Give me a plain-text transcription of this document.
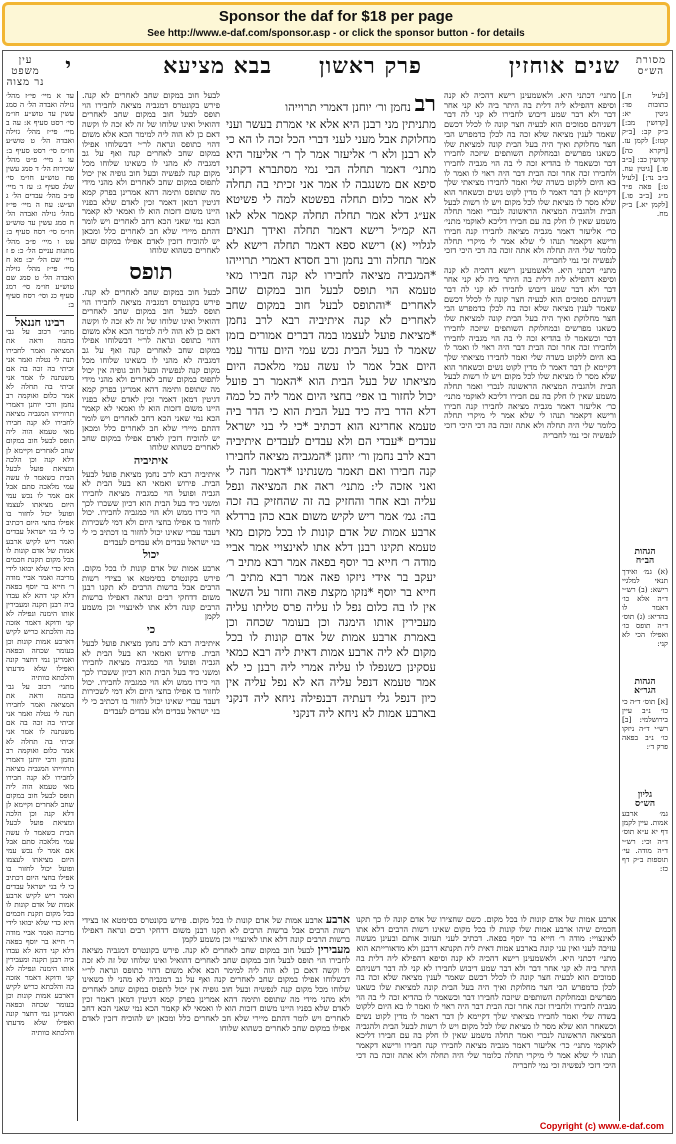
Sponsor the daf for $18 per page
See http://www.e-daf.com/sponsor.asp - or click the sponsor button - for details
מסורת
הש״ס
שנים אוחזין
פרק ראשון
בבא מציעא
י
עין משפט
נר מצוה

[לעיל ח.] כתובות פד: גיטין יא: [קדושין מב:] ב״ק קב: [ב״ק קטז:] לקמן עז. [ויקרא כה] קדושין כב: [ב״ב פו.] [גיטין עח. ב״ב נד:] [לעיל ט:] פאה פ״ד מ״ג [ב״ב פו.] [לקמן יא.] ב״ק מח.

הגהות
הב״ח

(א) גמ׳ ואידך תנאי למלגיי רישא: (ב) רש״י ד״ה אלא כו׳ דאמר לו בהדיא: (ג) תוס׳ ד״ה תופס כו׳ ואפילו הכי לא קני:

הגהות
הגר״א

[א] תוס׳ ד״ה כי כו׳ נ״ב עיין בירושלמי: [ב] רש״י ד״ה ניזקו כו׳ נ״ב בפאה פרק ד׳:

גליון
הש״ס

גמ׳ ארבע אמות. עיין לקמן דף יא ע״א תוס׳ ד״ה וכי: רש״י ד״ה מודה. עי׳ תוספות ב״ק דף כז:

מתני׳ דכתני היא. ולאשמעינן רישא דהכיה לא קנה וסיפא דהפילא ליה דלית בה היתר ביה לא קני אחר דבר ולא דבר שמע דיבוש לחבירו לא קני לה דבר דשניהם סמוכים הוא לבעיה חצר קונה לו לכלל דכשם שאמר לענין מציאה שלא זכה בה לכלן כדמפרש הבי חצר מחלוקת ואיך היה בעל הבית קונה למציאת שלו כשאנו מפרשים ובמחלוקת השותפים שיזכה לחבירו דבר וכשאמר לו בהדיא זכה לי בה הוי מגביה לחבירו ולחבירו זכה אחר זכה הבית דבר היה ראוי לו ואמר לו בא היום ללקוט בשדה שלי ואמר לחבירו מציאתי שלך דקיימא לן דבר דאמר לו מדין לקוט נשים וכשאחר הוא שלא מסר לו מציאת שלו לכל מקום ויש לו רשות לבעל הבית ולהגביה המציאה הראשונה לנכרי ואמר תחלה משמע שאין לו חלק בה עם חבירו דליכא לאוקמי מתני׳ כר׳ אליעזר דאמר מגביה מציאה לחבירו קנה חבירו ורישא דקאמר תנהו לי שלא אמר לי מיקרי תחלה כלומר שלי היה תחלה ולא אתה זוכה בה דכי היכי דזכי לנפשיה זכי נמי לחבריה

מתני׳ דכתני היא. ולאשמעינן רישא דהכיה לא קנה וסיפא דהפילא ליה דלית בה היתר ביה לא קני אחר דבר ולא דבר שמע דיבוש לחבירו לא קני לה דבר דשניהם סמוכים הוא לבעיה חצר קונה לו לכלל דכשם שאמר לענין מציאה שלא זכה בה לכלן כדמפרש הבי חצר מחלוקת ואיך היה בעל הבית קונה למציאת שלו כשאנו מפרשים ובמחלוקת השותפים שיזכה לחבירו דבר וכשאמר לו בהדיא זכה לי בה הוי מגביה לחבירו ולחבירו זכה אחר זכה הבית דבר היה ראוי לו ואמר לו בא היום ללקוט בשדה שלי ואמר לחבירו מציאתי שלך דקיימא לן דבר דאמר לו מדין לקוט נשים וכשאחר הוא שלא מסר לו מציאת שלו לכל מקום ויש לו רשות לבעל הבית ולהגביה המציאה הראשונה לנכרי ואמר תחלה משמע שאין לו חלק בה עם חבירו דליכא לאוקמי מתני׳ כר׳ אליעזר דאמר מגביה מציאה לחבירו קנה חבירו ורישא דקאמר תנהו לי שלא אמר לי מיקרי תחלה כלומר שלי היה תחלה ולא אתה זוכה בה דכי היכי דזכי לנפשיה זכי נמי לחבריה

רב נחמן ור׳ יוחנן דאמרי תרוייהו

מתניתין מני רבנן היא אלא אי אמרת בעשר ועני מחלוקת אבל מעני לעני דברי הכל זכה לו הא כי לא רבנן ולא ר׳ אליעזר אמר לך ר׳ אליעזר היא מתני׳ דאמר תחלה הבי נמי מסתברא דקתני סיפא אם משנגבה לו אמר אני זכיתי בה תחלה לא אמר כלום תחלה בפשטא למה לי פשיטא אע״ג דלא אמר תחלה תחלה קאמר אלא לאו הא קמ״ל רישא דאמר תחלה ואידך תנאים לגלויי (א) רישא ספא דאמר תחלה רישא לא אמר תחלה ורב נחמן ורב חסדא דאמרי תרוייהו *המגביה מציאה לחבירו לא קנה חבירו מאי טעמא הוי תופס לבעל חוב במקום שחב לאחרים *והתופס לבעל חוב במקום שחב לאחרים לא קנה איתיביה רבא לרב נחמן *מציאת פועל לעצמו במה דברים אמורים בזמן שאמר לו בעל הבית נכש עמי היום עדור עמי היום אבל אמר לו עשה עמי מלאכה היום מציאתו של בעל הבית הוא *האמר רב פועל יכול לחזור בו אפי׳ בחצי היום אמר ליה כל כמה דלא הדר ביה כיד בעל הבית הוא כי הדר ביה טעמא אחרינא הוא דכתיב *כי לי בני ישראל עבדים *עבדי הם ולא עבדים לעבדים איתיביה רבא לרב נחמן ור׳ יוחנן *המגביה מציאה לחבירו קנה חבירו ואם תאמר משנתינו *דאמר חנה לי ואני אזכה לי: מתני׳ ראה את המציאה ונפל עליה ובא אחר והחזיק בה זה שהחזיק בה זכה בה: גמ׳ אמר ריש לקיש משום אבא כהן ברדלא ארבע אמות של אדם קונות לו בכל מקום מאי טעמא תקינו רבנן דלא אתו לאינצויי אמר אביי מודה ר׳ חייא בר יוסף בפאה אמר רבא מתיב ר׳ יעקב בר אידי ניזקו פאה אמר רבא מתיב ר׳ חייא בר יוסף *נזקו מקצת פאה וחזר על השאר אין לו בה כלום נפל לו עליה פרס טליתו עליה מעבירין אותו הימנה וכן בעומר שכחה וכן באמרת ארבע אמות של אדם קונות לו בכל מקום לא ליה ארבע אמות דאית ליה רבא כמאי עסקינן כשנפלו לו עליה אמרי ליה רבנן כי לא אמר טעמא דנפל עליה הא לא נפל עליה אין כיון דנפל גלי דעתיה דבנפילה ניחא ליה דנקני בארבע אמות לא ניחא ליה דנקני

לבעל חוב במקום שחב לאחרים לא קנה. פירש בקונטרס דמגביה מציאה לחבירו הוי תופס לבעל חוב במקום שחב לאחרים דהואיל ואינו שלוחו של זה לא זכה לו וקשה דאם כן לא הוה ליה למימר הכא אלא משום דהוי כתופס ונראה לר״י דבשלוחו אפילו במקום שחב לאחרים קנה ואף על גב דמגביה לא מהני לו כשאינו שלוחו מכל מקום קנה לנפשיה ובעל חוב גופיה אין יכול לתפוס במקום שחב לאחרים ולא מהני מידי מה שתופס ותימה דהא אמרינן בפרק קמא דגיטין דמאן דאמר זכין לאדם שלא בפניו היינו משום דזכות הוא לו ואמאי לא קאמר הכא נמי שאני הכא דחב לאחרים ויש לומר דהתם מיירי שלא חב לאחרים כלל ומכאן יש להוכיח דזכין לאדם אפילו במקום שחב לאחרים כשהוא שלוחו

תופס

לבעל חוב במקום שחב לאחרים לא קנה. פירש בקונטרס דמגביה מציאה לחבירו הוי תופס לבעל חוב במקום שחב לאחרים דהואיל ואינו שלוחו של זה לא זכה לו וקשה דאם כן לא הוה ליה למימר הכא אלא משום דהוי כתופס ונראה לר״י דבשלוחו אפילו במקום שחב לאחרים קנה ואף על גב דמגביה לא מהני לו כשאינו שלוחו מכל מקום קנה לנפשיה ובעל חוב גופיה אין יכול לתפוס במקום שחב לאחרים ולא מהני מידי מה שתופס ותימה דהא אמרינן בפרק קמא דגיטין דמאן דאמר זכין לאדם שלא בפניו היינו משום דזכות הוא לו ואמאי לא קאמר הכא נמי שאני הכא דחב לאחרים ויש לומר דהתם מיירי שלא חב לאחרים כלל ומכאן יש להוכיח דזכין לאדם אפילו במקום שחב לאחרים כשהוא שלוחו

איתיביה

איתיביה רבא לרב נחמן מציאת פועל לבעל הבית. פירוש ואמאי הא בעל הבית לא הגביה ופועל הוי כמגביה מציאה לחבירו ומשני כיד בעל הבית הוא דכיון ששכרו לכך הוי כידו ממש ולא הוי כמגביה לחבירו. יכול לחזור בו אפילו בחצי היום ולא דמי לשכירות דעבד עברי שאינו יכול לחזור בו דכתיב כי לי בני ישראל עבדים ולא עבדים לעבדים

יכול

ארבע אמות של אדם קונות לו בכל מקום. פירש בקונטרס בסימטא או בצידי רשות הרבים אבל ברשות הרבים לא תקנו רבנן משום דדחקי רבים ונראה דאפילו ברשות הרבים קונה דלא אתו לאינצויי וכן משמע לקמן

כי

איתיביה רבא לרב נחמן מציאת פועל לבעל הבית. פירוש ואמאי הא בעל הבית לא הגביה ופועל הוי כמגביה מציאה לחבירו ומשני כיד בעל הבית הוא דכיון ששכרו לכך הוי כידו ממש ולא הוי כמגביה לחבירו. יכול לחזור בו אפילו בחצי היום ולא דמי לשכירות דעבד עברי שאינו יכול לחזור בו דכתיב כי לי בני ישראל עבדים ולא עבדים לעבדים

עד א מיי׳ פי״ז מהל׳ גזילה ואבדה הל׳ ה סמג עשין עד טוש״ע חו״מ סי׳ רסט סעיף א: עה ב מיי׳ פי״ז מהל׳ גזילה ואבדה הל׳ ט טוש״ע חו״מ סי׳ רסט סעיף ב: עו ג מיי׳ פ״ט מהל׳ שכירות הל׳ ד סמג עשין פח טוש״ע חו״מ סי׳ שלג סעיף ג: עז ד מיי׳ פ״ב מהל׳ עבדים הל׳ ג וע״ש: עח ה מיי׳ פי״ז מהל׳ גזילה ואבדה הל׳ ח סמג עשין עד טוש״ע חו״מ סי׳ רסח סעיף ב: עט ו מיי׳ פ״ב מהל׳ מתנות עניים הל׳ כ: פ ז מיי׳ שם הל׳ יב: פא ח מיי׳ פי״ז מהל׳ גזילה ואבדה הל׳ ט סמג שם טוש״ע חו״מ סי׳ רמג סעיף כג וסי׳ רסח סעיף ב:

רבינו חננאל

מתני׳ רכוב על גבי בהמה וראה את המציאה ואמר לחבירו תנה לי נטלה ואמר אני זכיתי בה זכה בה אם משנתנה לו אמר אני זכיתי בה תחלה לא אמר כלום ואוקמה רב נחמן ורבי יוחנן דאמרי תרווייהו המגביה מציאה לחבירו לא קנה חבירו מאי טעמא הוה ליה תופס לבעל חוב במקום שחב לאחרים וקיימא לן דלא קנה וכן הלכה ומציאת פועל לבעל הבית כשאמר לו עשה עמי מלאכה סתם אבל אם אמר לו נכש עמי היום מציאתו לעצמו ופועל יכול לחזור בו אפילו בחצי היום דכתיב כי לי בני ישראל עבדים ואמר ריש לקיש ארבע אמות של אדם קונות לו בכל מקום תקנת חכמים היא כדי שלא יבואו לידי מריבה ואמר אביי מודה ר׳ חייא בר יוסף בפאה דלא קני דהא לא עבדו ביה רבנן תקנה ומעבירין אותו הימנה ונפילה לא קני ודוקא דאמר אזכה בה והלכתא כריש לקיש דארבע אמות קונות וכן בעומר שכחה ובפאה ואמרינן נמי דחצר קונה ואפילו שלא מדעתו והלכתא כוותיה

מתני׳ רכוב על גבי בהמה וראה את המציאה ואמר לחבירו תנה לי נטלה ואמר אני זכיתי בה זכה בה אם משנתנה לו אמר אני זכיתי בה תחלה לא אמר כלום ואוקמה רב נחמן ורבי יוחנן דאמרי תרווייהו המגביה מציאה לחבירו לא קנה חבירו מאי טעמא הוה ליה תופס לבעל חוב במקום שחב לאחרים וקיימא לן דלא קנה וכן הלכה ומציאת פועל לבעל הבית כשאמר לו עשה עמי מלאכה סתם אבל אם אמר לו נכש עמי היום מציאתו לעצמו ופועל יכול לחזור בו אפילו בחצי היום דכתיב כי לי בני ישראל עבדים ואמר ריש לקיש ארבע אמות של אדם קונות לו בכל מקום תקנת חכמים היא כדי שלא יבואו לידי מריבה ואמר אביי מודה ר׳ חייא בר יוסף בפאה דלא קני דהא לא עבדו ביה רבנן תקנה ומעבירין אותו הימנה ונפילה לא קני ודוקא דאמר אזכה בה והלכתא כריש לקיש דארבע אמות קונות וכן בעומר שכחה ובפאה ואמרינן נמי דחצר קונה ואפילו שלא מדעתו והלכתא כוותיה

ארבע אמות של אדם קונות לו בכל מקום. כשם שחצירו של אדם קונה לו כך תקנו חכמים שיהו ארבע אמות שלו קונות לו בכל מקום שאינו רשות הרבים דלא אתו לאינצויי: מודה ר׳ חייא בר יוסף בפאה. דכתיב לעני תעזוב אותם ובעינן מעשה עזיבה לעני ואין עני קונה בארבע אמות דאית ליה תקנתא דרבנן ולא מדאורייתא הוא

מתני׳ דכתני היא. ולאשמעינן רישא דהכיה לא קנה וסיפא דהפילא ליה דלית בה היתר ביה לא קני אחר דבר ולא דבר שמע דיבוש לחבירו לא קני לה דבר דשניהם סמוכים הוא לבעיה חצר קונה לו לכלל דכשם שאמר לענין מציאה שלא זכה בה לכלן כדמפרש הבי חצר מחלוקת ואיך היה בעל הבית קונה למציאת שלו כשאנו מפרשים ובמחלוקת השותפים שיזכה לחבירו דבר וכשאמר לו בהדיא זכה לי בה הוי מגביה לחבירו ולחבירו זכה אחר זכה הבית דבר היה ראוי לו ואמר לו בא היום ללקוט בשדה שלי ואמר לחבירו מציאתי שלך דקיימא לן דבר דאמר לו מדין לקוט נשים וכשאחר הוא שלא מסר לו מציאת שלו לכל מקום ויש לו רשות לבעל הבית ולהגביה המציאה הראשונה לנכרי ואמר תחלה משמע שאין לו חלק בה עם חבירו דליכא לאוקמי מתני׳ כר׳ אליעזר דאמר מגביה מציאה לחבירו קנה חבירו ורישא דקאמר תנהו לי שלא אמר לי מיקרי תחלה כלומר שלי היה תחלה ולא אתה זוכה בה דכי היכי דזכי לנפשיה זכי נמי לחבריה

ארבע ארבע אמות של אדם קונות לו בכל מקום. פירש בקונטרס בסימטא או בצידי רשות הרבים אבל ברשות הרבים לא תקנו רבנן משום דדחקי רבים ונראה דאפילו ברשות הרבים קונה דלא אתו לאינצויי וכן משמע לקמן

מעבירין לבעל חוב במקום שחב לאחרים לא קנה. פירש בקונטרס דמגביה מציאה לחבירו הוי תופס לבעל חוב במקום שחב לאחרים דהואיל ואינו שלוחו של זה לא זכה לו וקשה דאם כן לא הוה ליה למימר הכא אלא משום דהוי כתופס ונראה לר״י דבשלוחו אפילו במקום שחב לאחרים קנה ואף על גב דמגביה לא מהני לו כשאינו שלוחו מכל מקום קנה לנפשיה ובעל חוב גופיה אין יכול לתפוס במקום שחב לאחרים ולא מהני מידי מה שתופס ותימה דהא אמרינן בפרק קמא דגיטין דמאן דאמר זכין לאדם שלא בפניו היינו משום דזכות הוא לו ואמאי לא קאמר הכא נמי שאני הכא דחב לאחרים ויש לומר דהתם מיירי שלא חב לאחרים כלל ומכאן יש להוכיח דזכין לאדם אפילו במקום שחב לאחרים כשהוא שלוחו

Copyright (c) www.e-daf.com
